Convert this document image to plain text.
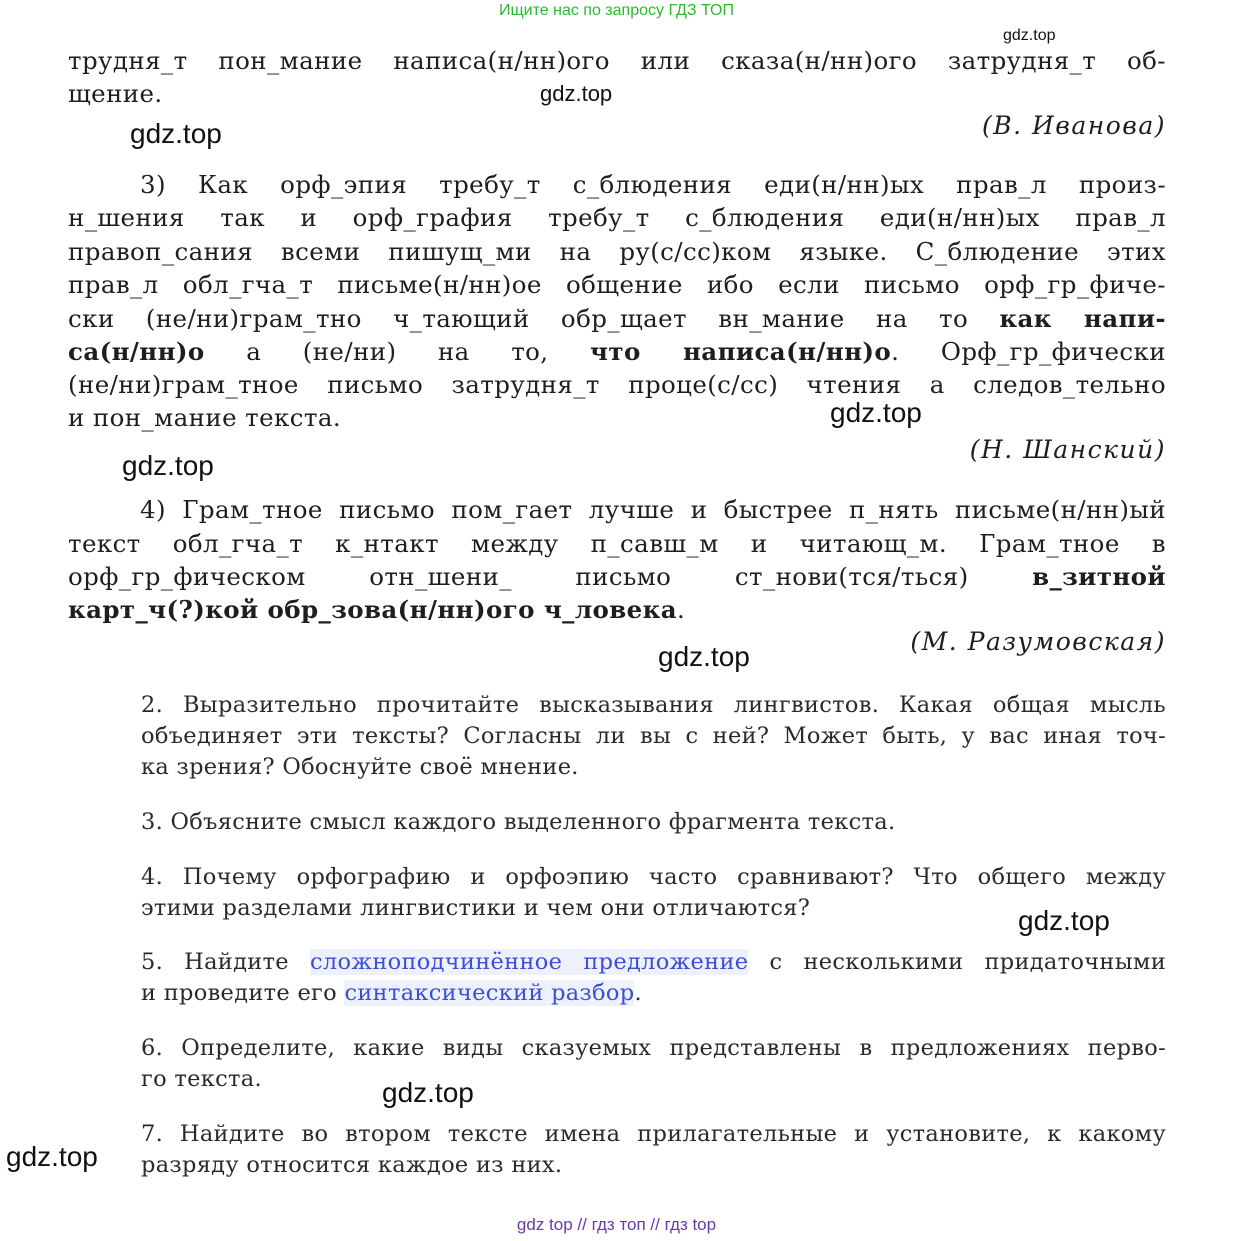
Ищите нас по запросу ГДЗ ТОП
gdz.top
gdz.top
gdz.top
gdz.top
gdz.top
gdz.top
gdz.top
gdz.top
gdz.top
трудня_т пон_мание написа(н/нн)ого или сказа(н/нн)ого затрудня_т об-
щение.
(В. Иванова)
3) Как орф_эпия требу_т с_блюдения еди(н/нн)ых прав_л произ-
н_шения так и орф_графия требу_т с_блюдения еди(н/нн)ых прав_л
правоп_сания всеми пишущ_ми на ру(с/сс)ком языке. С_блюдение этих
прав_л обл_гча_т письме(н/нн)ое общение ибо если письмо орф_гр_фиче-
ски (не/ни)грам_тно ч_тающий обр_щает вн_мание на то как напи-
са(н/нн)о а (не/ни) на то, что написа(н/нн)о. Орф_гр_фически
(не/ни)грам_тное письмо затрудня_т проце(с/сс) чтения а следов_тельно
и пон_мание текста.
(Н. Шанский)
4) Грам_тное письмо пом_гает лучше и быстрее п_нять письме(н/нн)ый
текст обл_гча_т к_нтакт между п_савш_м и читающ_м. Грам_тное в
орф_гр_фическом отн_шени_ письмо ст_нови(тся/ться) в_зитной
карт_ч(?)кой обр_зова(н/нн)ого ч_ловека.
(М. Разумовская)
2. Выразительно прочитайте высказывания лингвистов. Какая общая мысль
объединяет эти тексты? Согласны ли вы с ней? Может быть, у вас иная точ-
ка зрения? Обоснуйте своё мнение.
3. Объясните смысл каждого выделенного фрагмента текста.
4. Почему орфографию и орфоэпию часто сравнивают? Что общего между
этими разделами лингвистики и чем они отличаются?
5. Найдите сложноподчинённое предложение с несколькими придаточными
и проведите его синтаксический разбор.
6. Определите, какие виды сказуемых представлены в предложениях перво-
го текста.
7. Найдите во втором тексте имена прилагательные и установите, к какому
разряду относится каждое из них.
gdz top // гдз топ // гдз top
